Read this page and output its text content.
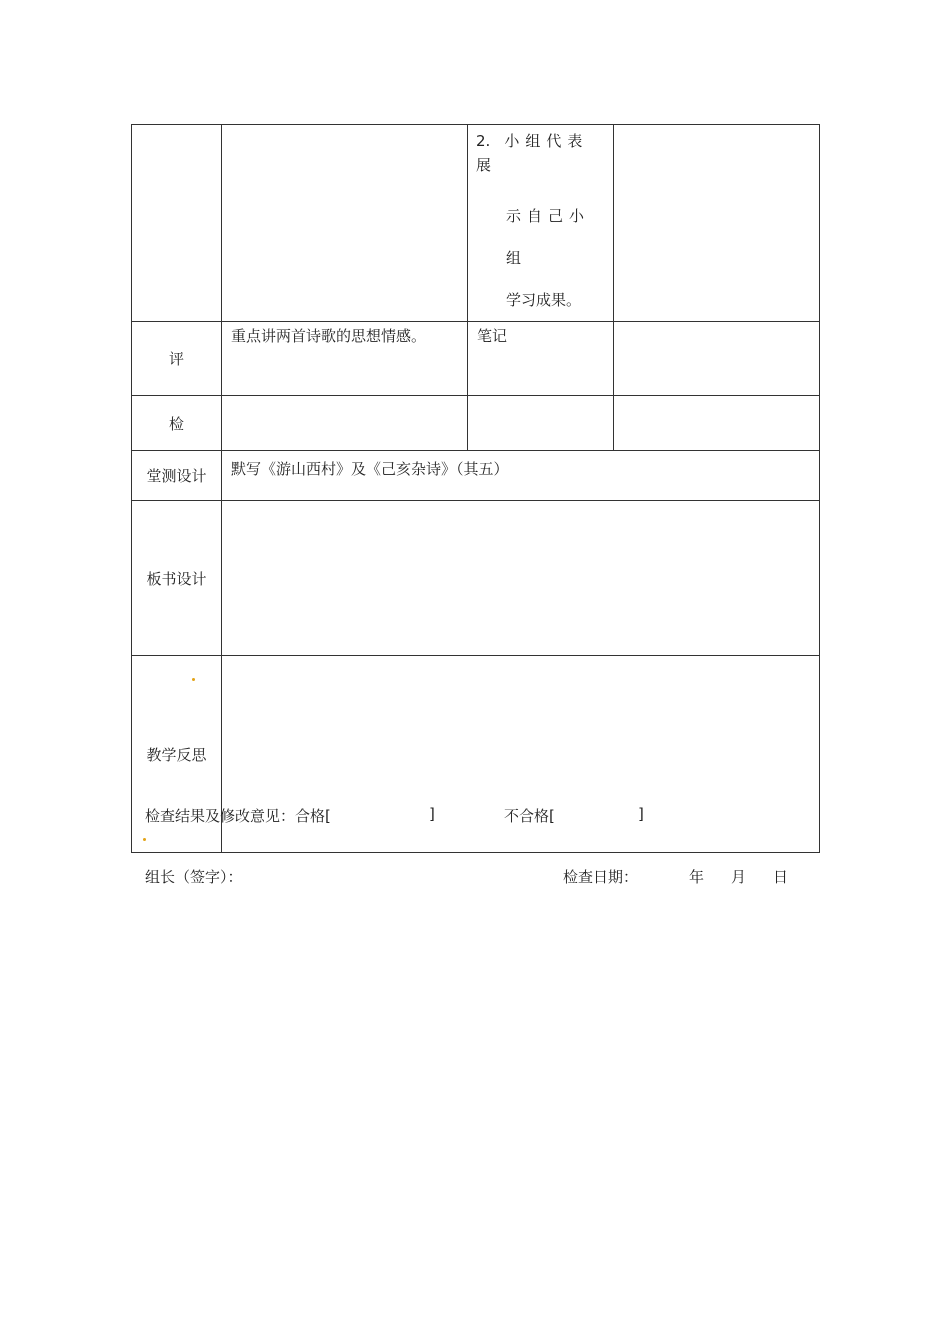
		2. 小组代表展
示自己小组
学习成果。	

评	重点讲两首诗歌的思想情感。	笔记	

检			
堂测设计	默写《游山西村》及《己亥杂诗》（其五）		

板书设计			
教学反思			
检查结果及修改意见：合格[	]	不合格[	]
组长（签字）：	检查日期：	年 月 日
